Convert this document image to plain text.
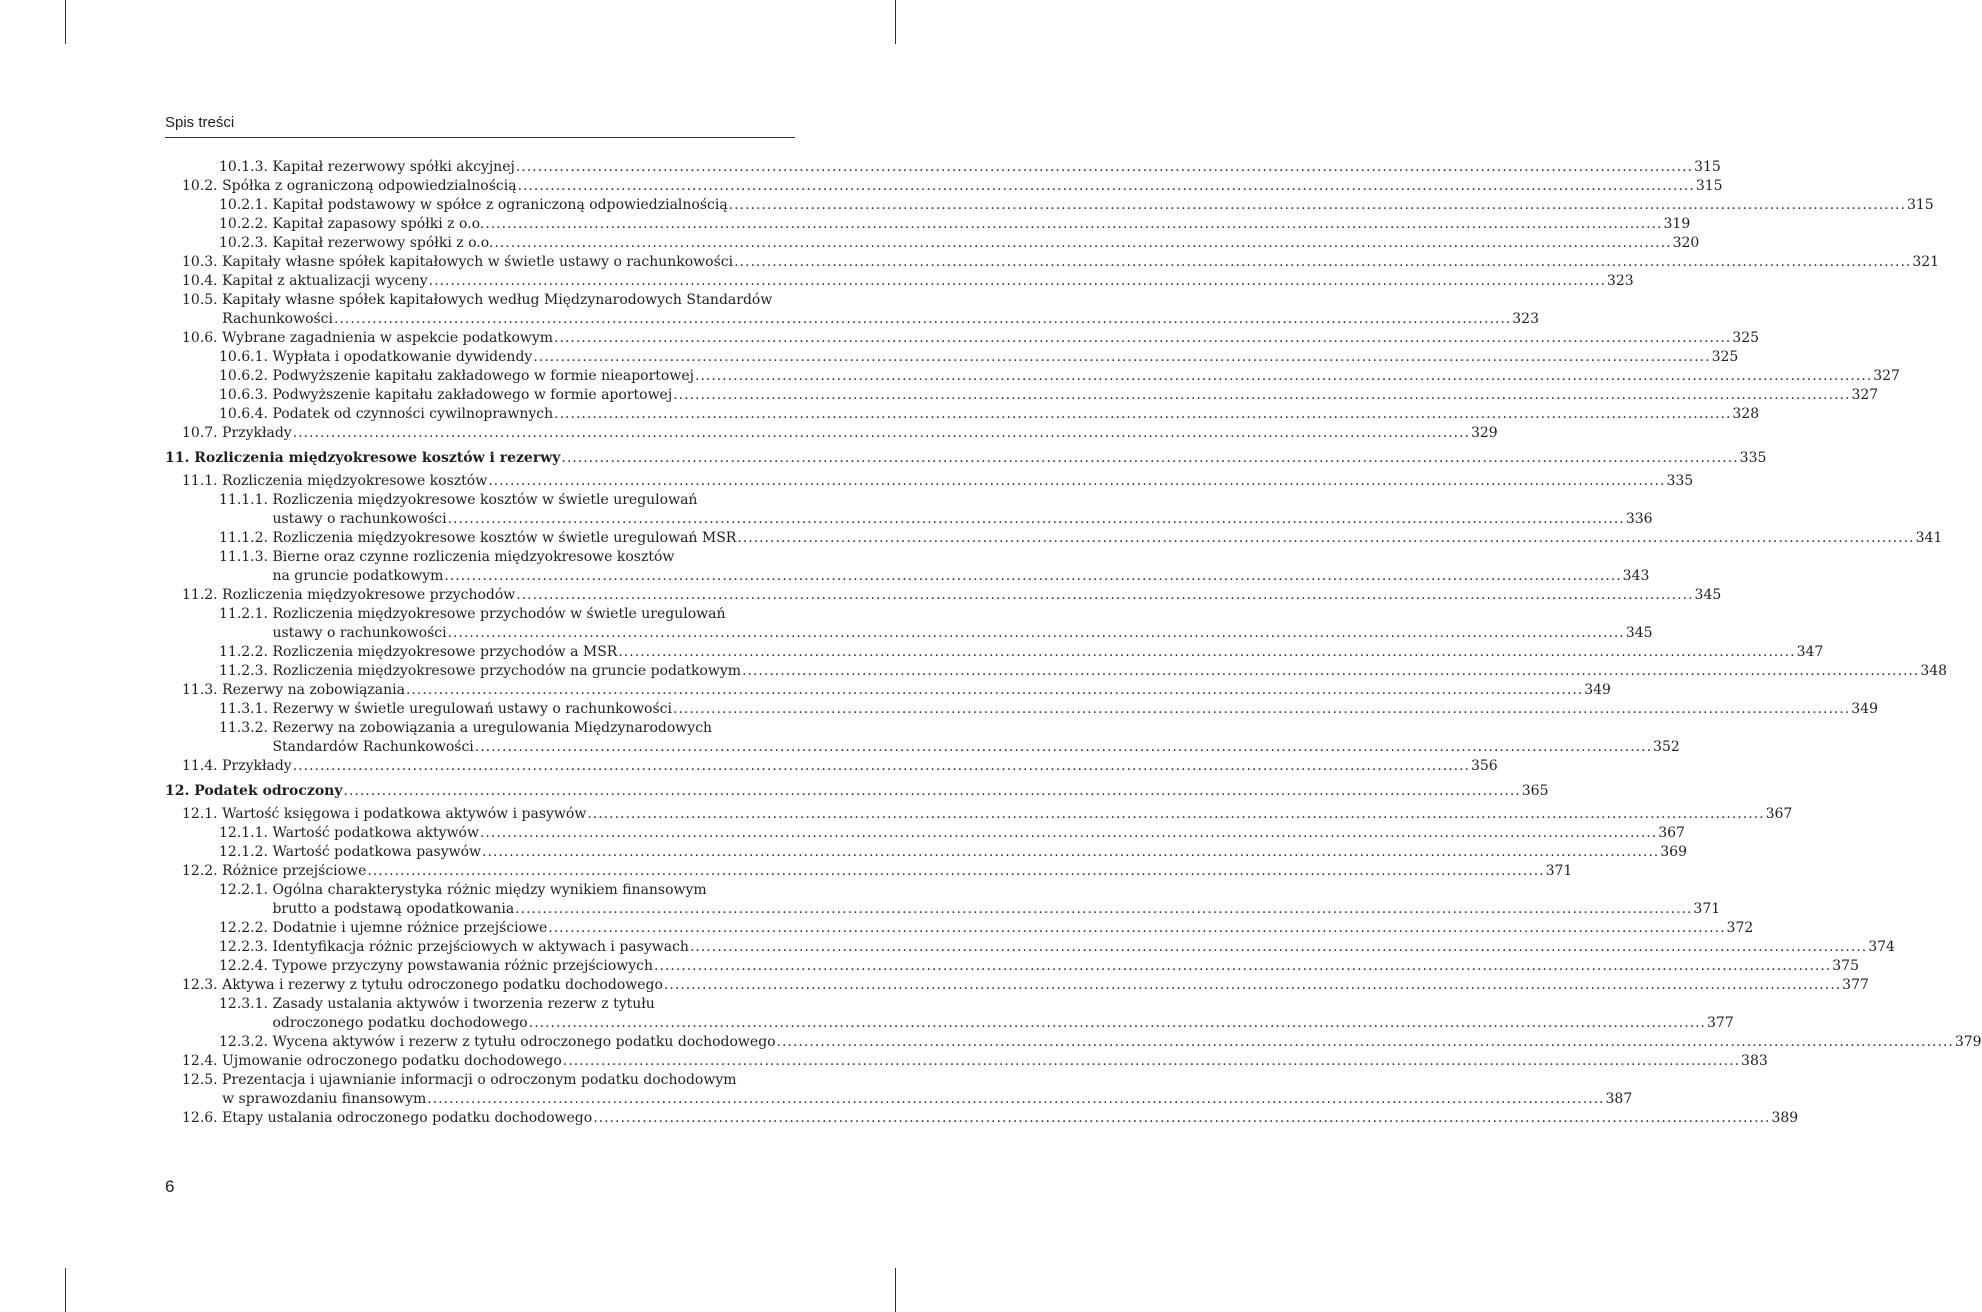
Spis treści
10.1.3. Kapitał rezerwowy spółki akcyjnej .....	315
10.2. Spółka z ograniczoną odpowiedzialnością .....	315
10.2.1. Kapitał podstawowy w spółce z ograniczoną odpowiedzialnością .....	315
10.2.2. Kapitał zapasowy spółki z o.o. .....	319
10.2.3. Kapitał rezerwowy spółki z o.o. .....	320
10.3. Kapitały własne spółek kapitałowych w świetle ustawy o rachunkowości .....	321
10.4. Kapitał z aktualizacji wyceny .....	323
10.5. Kapitały własne spółek kapitałowych według Międzynarodowych Standardów
Rachunkowości .....	323
10.6. Wybrane zagadnienia w aspekcie podatkowym .....	325
10.6.1. Wypłata i opodatkowanie dywidendy .....	325
10.6.2. Podwyższenie kapitału zakładowego w formie nieaportowej .....	327
10.6.3. Podwyższenie kapitału zakładowego w formie aportowej .....	327
10.6.4. Podatek od czynności cywilnoprawnych .....	328
10.7. Przykłady .....	329
11. Rozliczenia międzyokresowe kosztów i rezerwy .....	335
11.1. Rozliczenia międzyokresowe kosztów .....	335
11.1.1. Rozliczenia międzyokresowe kosztów w świetle uregulowań
ustawy o rachunkowości .....	336
11.1.2. Rozliczenia międzyokresowe kosztów w świetle uregulowań MSR .....	341
11.1.3. Bierne oraz czynne rozliczenia międzyokresowe kosztów
na gruncie podatkowym .....	343
11.2. Rozliczenia międzyokresowe przychodów .....	345
11.2.1. Rozliczenia międzyokresowe przychodów w świetle uregulowań
ustawy o rachunkowości .....	345
11.2.2. Rozliczenia międzyokresowe przychodów a MSR .....	347
11.2.3. Rozliczenia międzyokresowe przychodów na gruncie podatkowym .....	348
11.3. Rezerwy na zobowiązania .....	349
11.3.1. Rezerwy w świetle uregulowań ustawy o rachunkowości .....	349
11.3.2. Rezerwy na zobowiązania a uregulowania Międzynarodowych
Standardów Rachunkowości .....	352
11.4. Przykłady .....	356
12. Podatek odroczony .....	365
12.1. Wartość księgowa i podatkowa aktywów i pasywów .....	367
12.1.1. Wartość podatkowa aktywów .....	367
12.1.2. Wartość podatkowa pasywów .....	369
12.2. Różnice przejściowe .....	371
12.2.1. Ogólna charakterystyka różnic między wynikiem finansowym
brutto a podstawą opodatkowania .....	371
12.2.2. Dodatnie i ujemne różnice przejściowe .....	372
12.2.3. Identyfikacja różnic przejściowych w aktywach i pasywach .....	374
12.2.4. Typowe przyczyny powstawania różnic przejściowych .....	375
12.3. Aktywa i rezerwy z tytułu odroczonego podatku dochodowego .....	377
12.3.1. Zasady ustalania aktywów i tworzenia rezerw z tytułu
odroczonego podatku dochodowego .....	377
12.3.2. Wycena aktywów i rezerw z tytułu odroczonego podatku dochodowego .....	379
12.4. Ujmowanie odroczonego podatku dochodowego .....	383
12.5. Prezentacja i ujawnianie informacji o odroczonym podatku dochodowym
w sprawozdaniu finansowym .....	387
12.6. Etapy ustalania odroczonego podatku dochodowego .....	389
6
